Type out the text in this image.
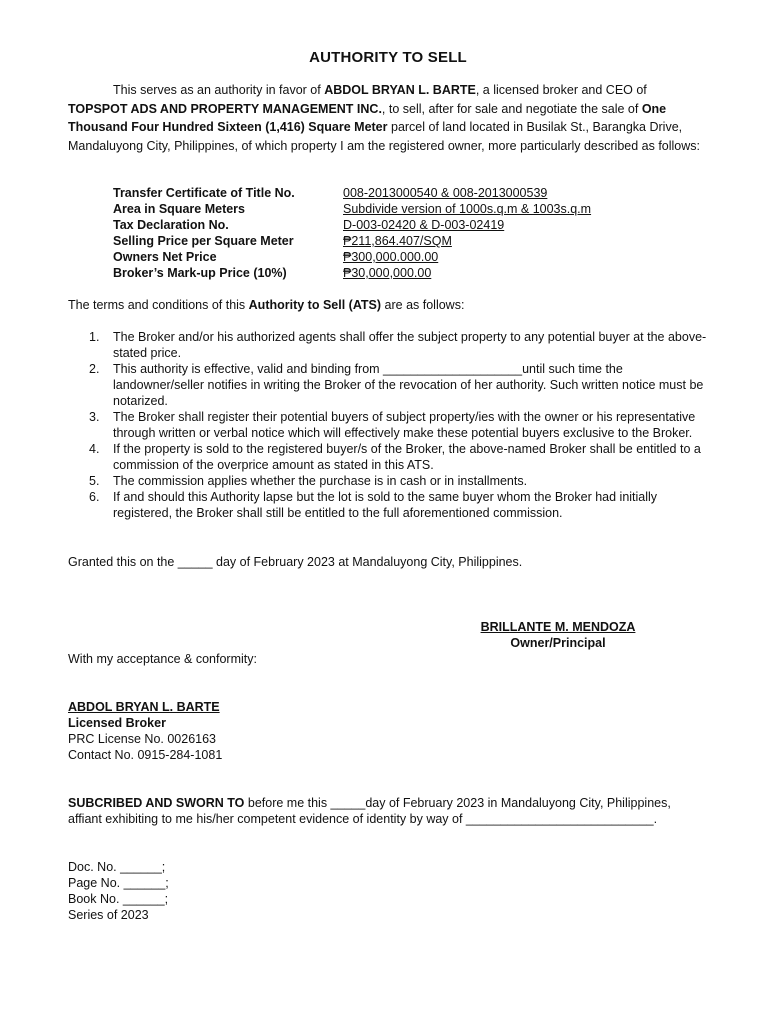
AUTHORITY TO SELL
This serves as an authority in favor of ABDOL BRYAN L. BARTE, a licensed broker and CEO of TOPSPOT ADS AND PROPERTY MANAGEMENT INC., to sell, after for sale and negotiate the sale of One Thousand Four Hundred Sixteen (1,416) Square Meter parcel of land located in Busilak St., Barangka Drive, Mandaluyong City, Philippines, of which property I am the registered owner, more particularly described as follows:
Transfer Certificate of Title No.	008-2013000540 & 008-2013000539
Area in Square Meters	Subdivide version of 1000s.q.m & 1003s.q.m
Tax Declaration No.	D-003-02420 & D-003-02419
Selling Price per Square Meter	₱211,864.407/SQM
Owners Net Price	₱300,000.000.00
Broker’s Mark-up Price (10%)	₱30,000,000.00
The terms and conditions of this Authority to Sell (ATS) are as follows:
1. The Broker and/or his authorized agents shall offer the subject property to any potential buyer at the above-stated price.
2. This authority is effective, valid and binding from ____________________until such time the landowner/seller notifies in writing the Broker of the revocation of her authority. Such written notice must be notarized.
3. The Broker shall register their potential buyers of subject property/ies with the owner or his representative through written or verbal notice which will effectively make these potential buyers exclusive to the Broker.
4. If the property is sold to the registered buyer/s of the Broker, the above-named Broker shall be entitled to a commission of the overprice amount as stated in this ATS.
5. The commission applies whether the purchase is in cash or in installments.
6. If and should this Authority lapse but the lot is sold to the same buyer whom the Broker had initially registered, the Broker shall still be entitled to the full aforementioned commission.
Granted this on the _____ day of February 2023 at Mandaluyong City, Philippines.
BRILLANTE M. MENDOZA
Owner/Principal
With my acceptance & conformity:
ABDOL BRYAN L. BARTE
Licensed Broker
PRC License No. 0026163
Contact No. 0915-284-1081
SUBCRIBED AND SWORN TO before me this _____day of February 2023 in Mandaluyong City, Philippines, affiant exhibiting to me his/her competent evidence of identity by way of ___________________________.
Doc. No. ______;
Page No. ______;
Book No. ______;
Series of 2023
